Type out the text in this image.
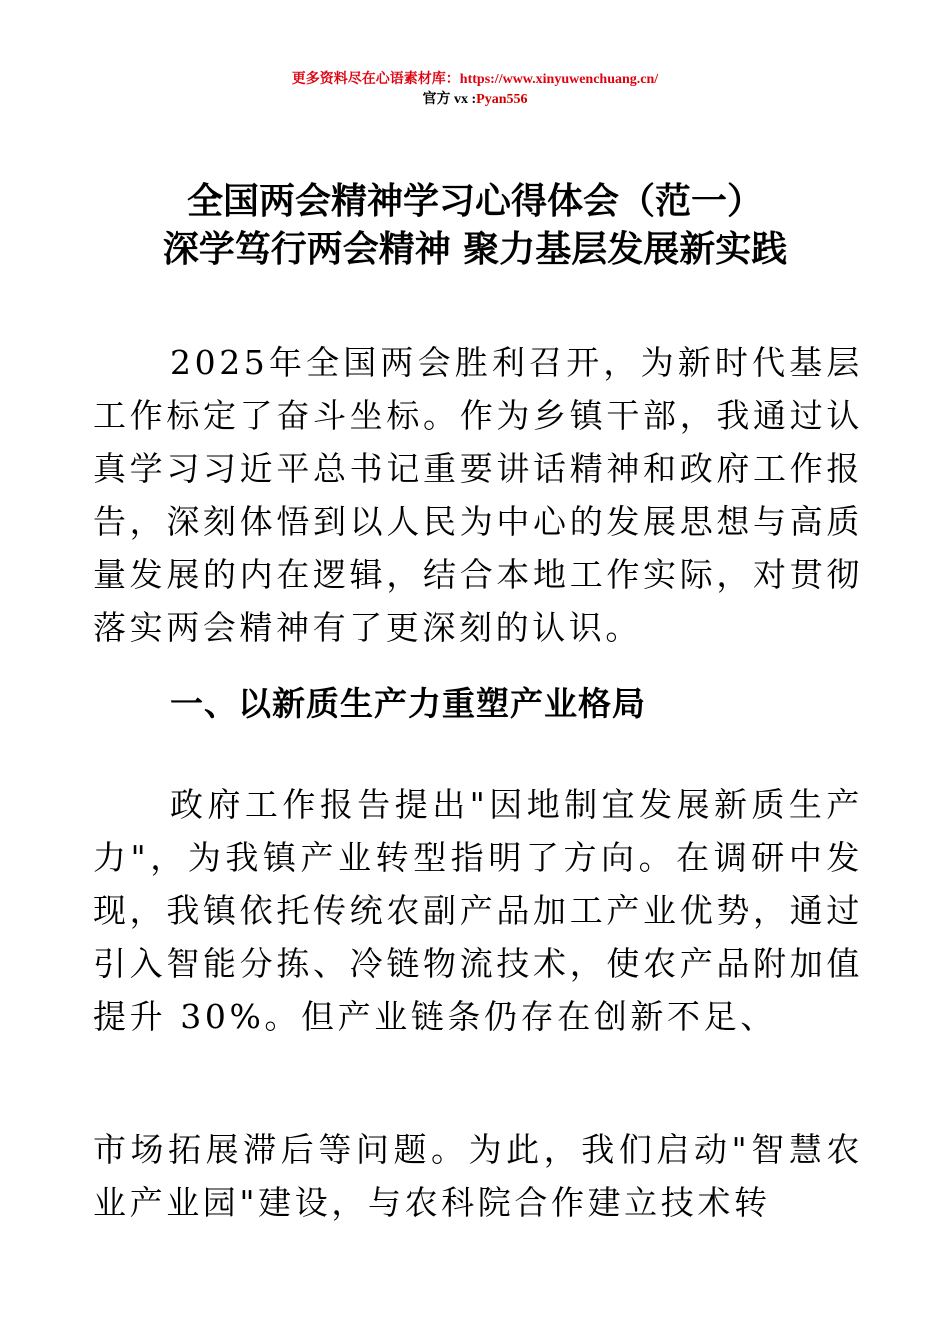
更多资料尽在心语素材库：https://www.xinyuwenchuang.cn/
官方 vx :Pyan556
全国两会精神学习心得体会（范一）
深学笃行两会精神 聚力基层发展新实践

2025年全国两会胜利召开，为新时代基层工作标定了奋斗坐标。作为乡镇干部，我通过认真学习习近平总书记重要讲话精神和政府工作报告，深刻体悟到以人民为中心的发展思想与高质量发展的内在逻辑，结合本地工作实际，对贯彻落实两会精神有了更深刻的认识。

一、以新质生产力重塑产业格局

政府工作报告提出"因地制宜发展新质生产力"，为我镇产业转型指明了方向。在调研中发现，我镇依托传统农副产品加工产业优势，通过引入智能分拣、冷链物流技术，使农产品附加值提升 30%。但产业链条仍存在创新不足、

市场拓展滞后等问题。为此，我们启动"智慧农业产业园"建设，与农科院合作建立技术转
